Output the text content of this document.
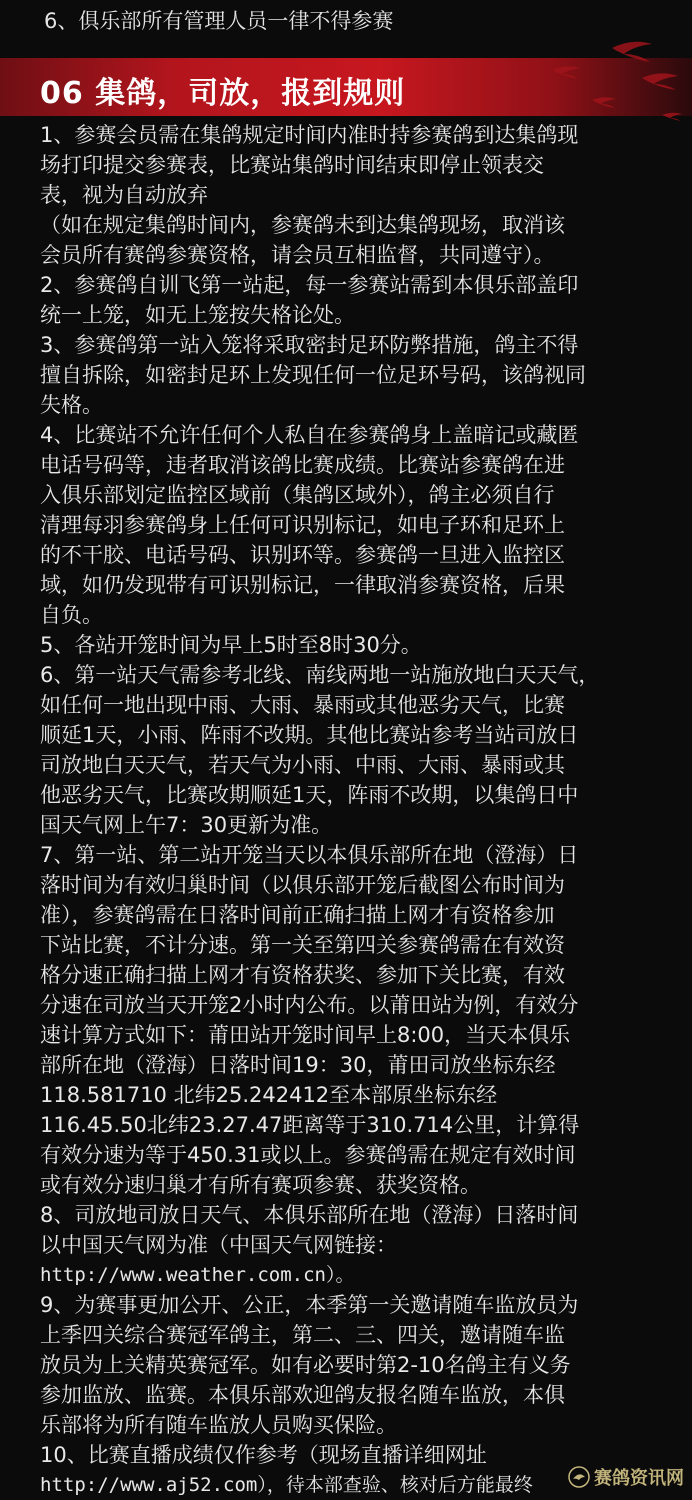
6、俱乐部所有管理人员一律不得参赛
06 集鸽，司放，报到规则
1、参赛会员需在集鸽规定时间内准时持参赛鸽到达集鸽现
场打印提交参赛表，比赛站集鸽时间结束即停止领表交
表，视为自动放弃
（如在规定集鸽时间内，参赛鸽未到达集鸽现场，取消该
会员所有赛鸽参赛资格，请会员互相监督，共同遵守）。
2、参赛鸽自训飞第一站起，每一参赛站需到本俱乐部盖印
统一上笼，如无上笼按失格论处。
3、参赛鸽第一站入笼将采取密封足环防弊措施，鸽主不得
擅自拆除，如密封足环上发现任何一位足环号码，该鸽视同
失格。
4、比赛站不允许任何个人私自在参赛鸽身上盖暗记或藏匿
电话号码等，违者取消该鸽比赛成绩。比赛站参赛鸽在进
入俱乐部划定监控区域前（集鸽区域外），鸽主必须自行
清理每羽参赛鸽身上任何可识别标记，如电子环和足环上
的不干胶、电话号码、识别环等。参赛鸽一旦进入监控区
域，如仍发现带有可识别标记，一律取消参赛资格，后果
自负。
5、各站开笼时间为早上5时至8时30分。
6、第一站天气需参考北线、南线两地一站施放地白天天气，
如任何一地出现中雨、大雨、暴雨或其他恶劣天气，比赛
顺延1天，小雨、阵雨不改期。其他比赛站参考当站司放日
司放地白天天气，若天气为小雨、中雨、大雨、暴雨或其
他恶劣天气，比赛改期顺延1天，阵雨不改期，以集鸽日中
国天气网上午7：30更新为准。
7、第一站、第二站开笼当天以本俱乐部所在地（澄海）日
落时间为有效归巢时间（以俱乐部开笼后截图公布时间为
准），参赛鸽需在日落时间前正确扫描上网才有资格参加
下站比赛，不计分速。第一关至第四关参赛鸽需在有效资
格分速正确扫描上网才有资格获奖、参加下关比赛，有效
分速在司放当天开笼2小时内公布。以莆田站为例，有效分
速计算方式如下：莆田站开笼时间早上8:00，当天本俱乐
部所在地（澄海）日落时间19：30，莆田司放坐标东经
118.581710 北纬25.242412至本部原坐标东经
116.45.50北纬23.27.47距离等于310.714公里，计算得
有效分速为等于450.31或以上。参赛鸽需在规定有效时间
或有效分速归巢才有所有赛项参赛、获奖资格。
8、司放地司放日天气、本俱乐部所在地（澄海）日落时间
以中国天气网为准（中国天气网链接：
http://www.weather.com.cn）。
9、为赛事更加公开、公正，本季第一关邀请随车监放员为
上季四关综合赛冠军鸽主，第二、三、四关，邀请随车监
放员为上关精英赛冠军。如有必要时第2-10名鸽主有义务
参加监放、监赛。本俱乐部欢迎鸽友报名随车监放，本俱
乐部将为所有随车监放人员购买保险。
10、比赛直播成绩仅作参考（现场直播详细网址
http://www.aj52.com），待本部查验、核对后方能最终	赛鸽资讯网
